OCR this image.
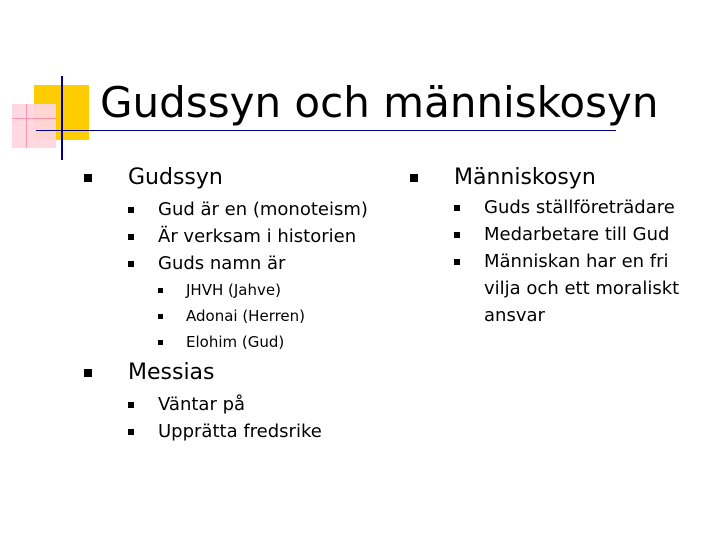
Gudssyn och människosyn
Gudssyn
Gud är en (monoteism)
Är verksam i historien
Guds namn är
JHVH (Jahve)
Adonai (Herren)
Elohim (Gud)
Messias
Väntar på
Upprätta fredsrike
Människosyn
Guds ställföreträdare
Medarbetare till Gud
Människan har en fri vilja och ett moraliskt ansvar
